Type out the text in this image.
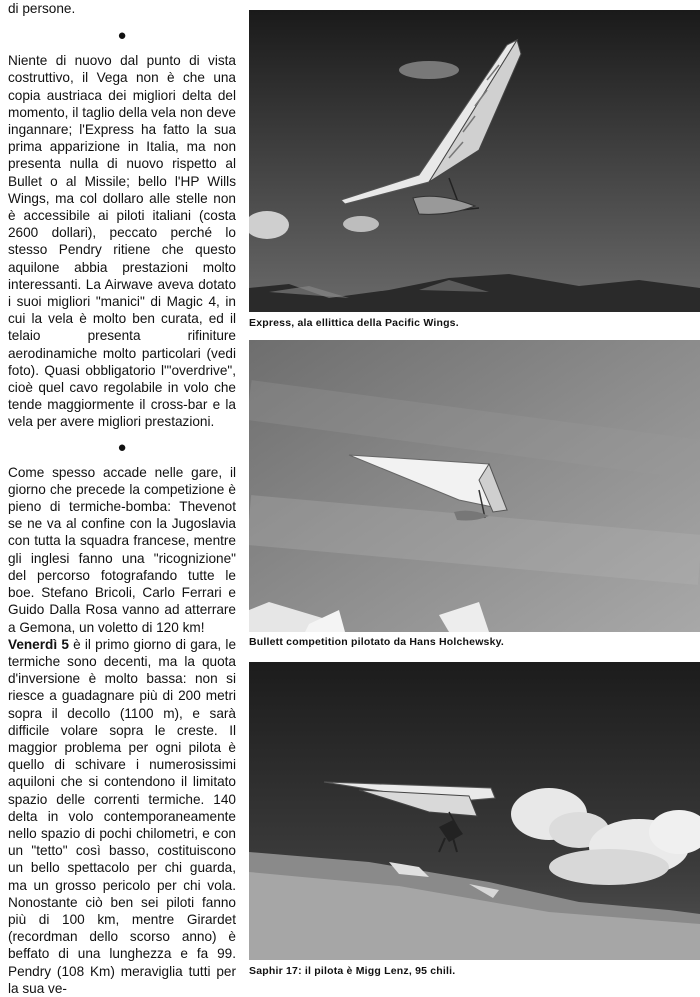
di persone.

●

Niente di nuovo dal punto di vista costruttivo, il Vega non è che una copia austriaca dei migliori delta del momento, il taglio della vela non deve ingannare; l'Express ha fatto la sua prima apparizione in Italia, ma non presenta nulla di nuovo rispetto al Bullet o al Missile; bello l'HP Wills Wings, ma col dollaro alle stelle non è accessibile ai piloti italiani (costa 2600 dollari), peccato perché lo stesso Pendry ritiene che questo aquilone abbia prestazioni molto interessanti. La Airwave aveva dotato i suoi migliori "manici" di Magic 4, in cui la vela è molto ben curata, ed il telaio presenta rifiniture aerodinamiche molto particolari (vedi foto). Quasi obbligatorio l'"overdrive", cioè quel cavo regolabile in volo che tende maggiormente il cross-bar e la vela per avere migliori prestazioni.

●

Come spesso accade nelle gare, il giorno che precede la competizione è pieno di termiche-bomba: Thevenot se ne va al confine con la Jugoslavia con tutta la squadra francese, mentre gli inglesi fanno una "ricognizione" del percorso fotografando tutte le boe. Stefano Bricoli, Carlo Ferrari e Guido Dalla Rosa vanno ad atterrare a Gemona, un voletto di 120 km!

Venerdì 5 è il primo giorno di gara, le termiche sono decenti, ma la quota d'inversione è molto bassa: non si riesce a guadagnare più di 200 metri sopra il decollo (1100 m), e sarà difficile volare sopra le creste. Il maggior problema per ogni pilota è quello di schivare i numerosissimi aquiloni che si contendono il limitato spazio delle correnti termiche. 140 delta in volo contemporaneamente nello spazio di pochi chilometri, e con un "tetto" così basso, costituiscono un bello spettacolo per chi guarda, ma un grosso pericolo per chi vola. Nonostante ciò ben sei piloti fanno più di 100 km, mentre Girardet (recordman dello scorso anno) è beffato di una lunghezza e fa 99. Pendry (108 Km) meraviglia tutti per la sua ve-

Express, ala ellittica della Pacific Wings.
Bullett competition pilotato da Hans Holchewsky.
Saphir 17: il pilota è Migg Lenz, 95 chili.
